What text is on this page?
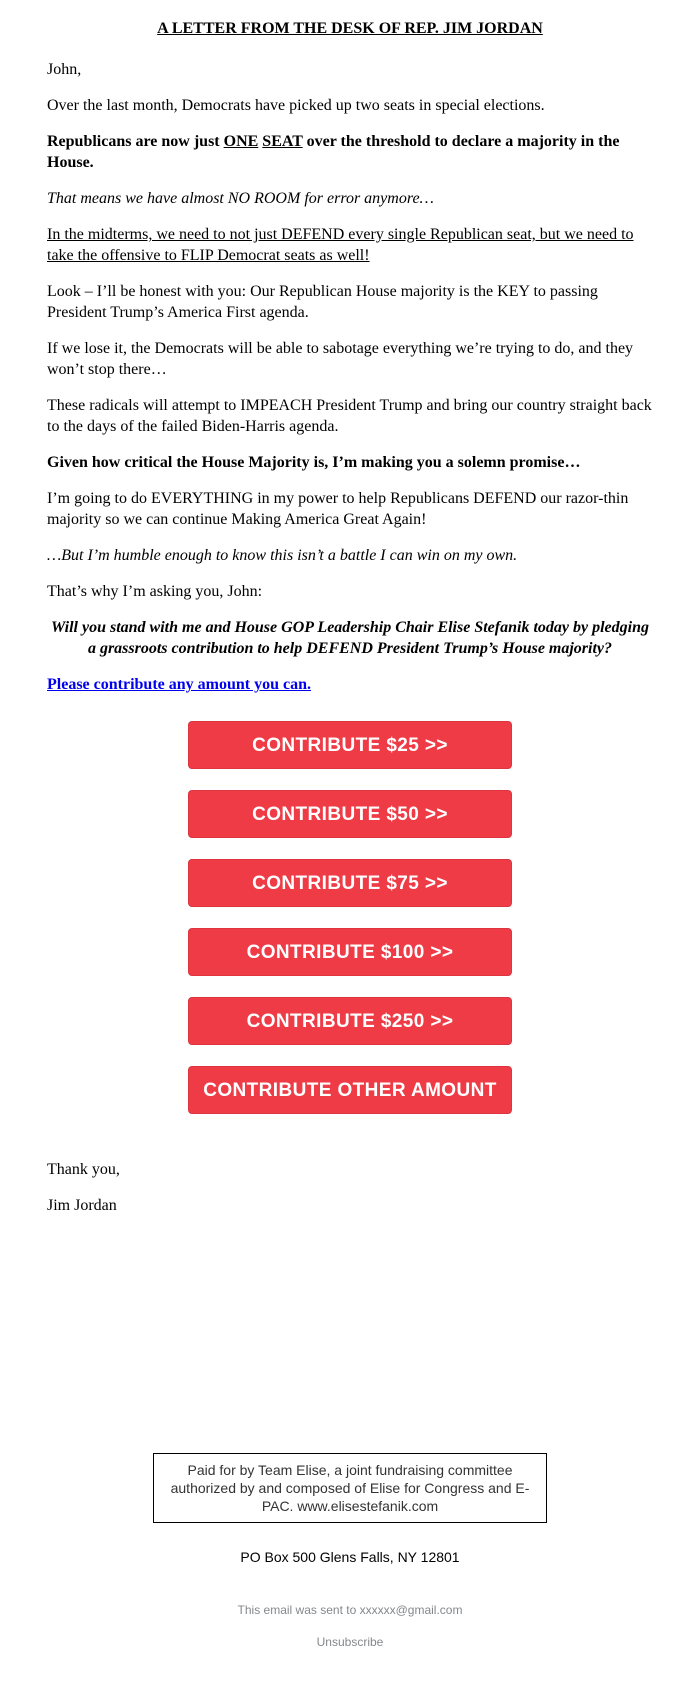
A LETTER FROM THE DESK OF REP. JIM JORDAN

John,

Over the last month, Democrats have picked up two seats in special elections.

Republicans are now just ONE SEAT over the threshold to declare a majority in the House.

That means we have almost NO ROOM for error anymore…

In the midterms, we need to not just DEFEND every single Republican seat, but we need to take the offensive to FLIP Democrat seats as well!

Look – I’ll be honest with you: Our Republican House majority is the KEY to passing President Trump’s America First agenda.

If we lose it, the Democrats will be able to sabotage everything we’re trying to do, and they won’t stop there…

These radicals will attempt to IMPEACH President Trump and bring our country straight back to the days of the failed Biden-Harris agenda.

Given how critical the House Majority is, I’m making you a solemn promise…

I’m going to do EVERYTHING in my power to help Republicans DEFEND our razor-thin majority so we can continue Making America Great Again!

…But I’m humble enough to know this isn’t a battle I can win on my own.

That’s why I’m asking you, John:

Will you stand with me and House GOP Leadership Chair Elise Stefanik today by pledging a grassroots contribution to help DEFEND President Trump’s House majority?

Please contribute any amount you can.

CONTRIBUTE $25 >>
CONTRIBUTE $50 >>
CONTRIBUTE $75 >>
CONTRIBUTE $100 >>
CONTRIBUTE $250 >>
CONTRIBUTE OTHER AMOUNT >>

Thank you,

Jim Jordan

Paid for by Team Elise, a joint fundraising committee authorized by and composed of Elise for Congress and E-PAC. www.elisestefanik.com
PO Box 500 Glens Falls, NY 12801
This email was sent to xxxxxx@gmail.com
Unsubscribe
